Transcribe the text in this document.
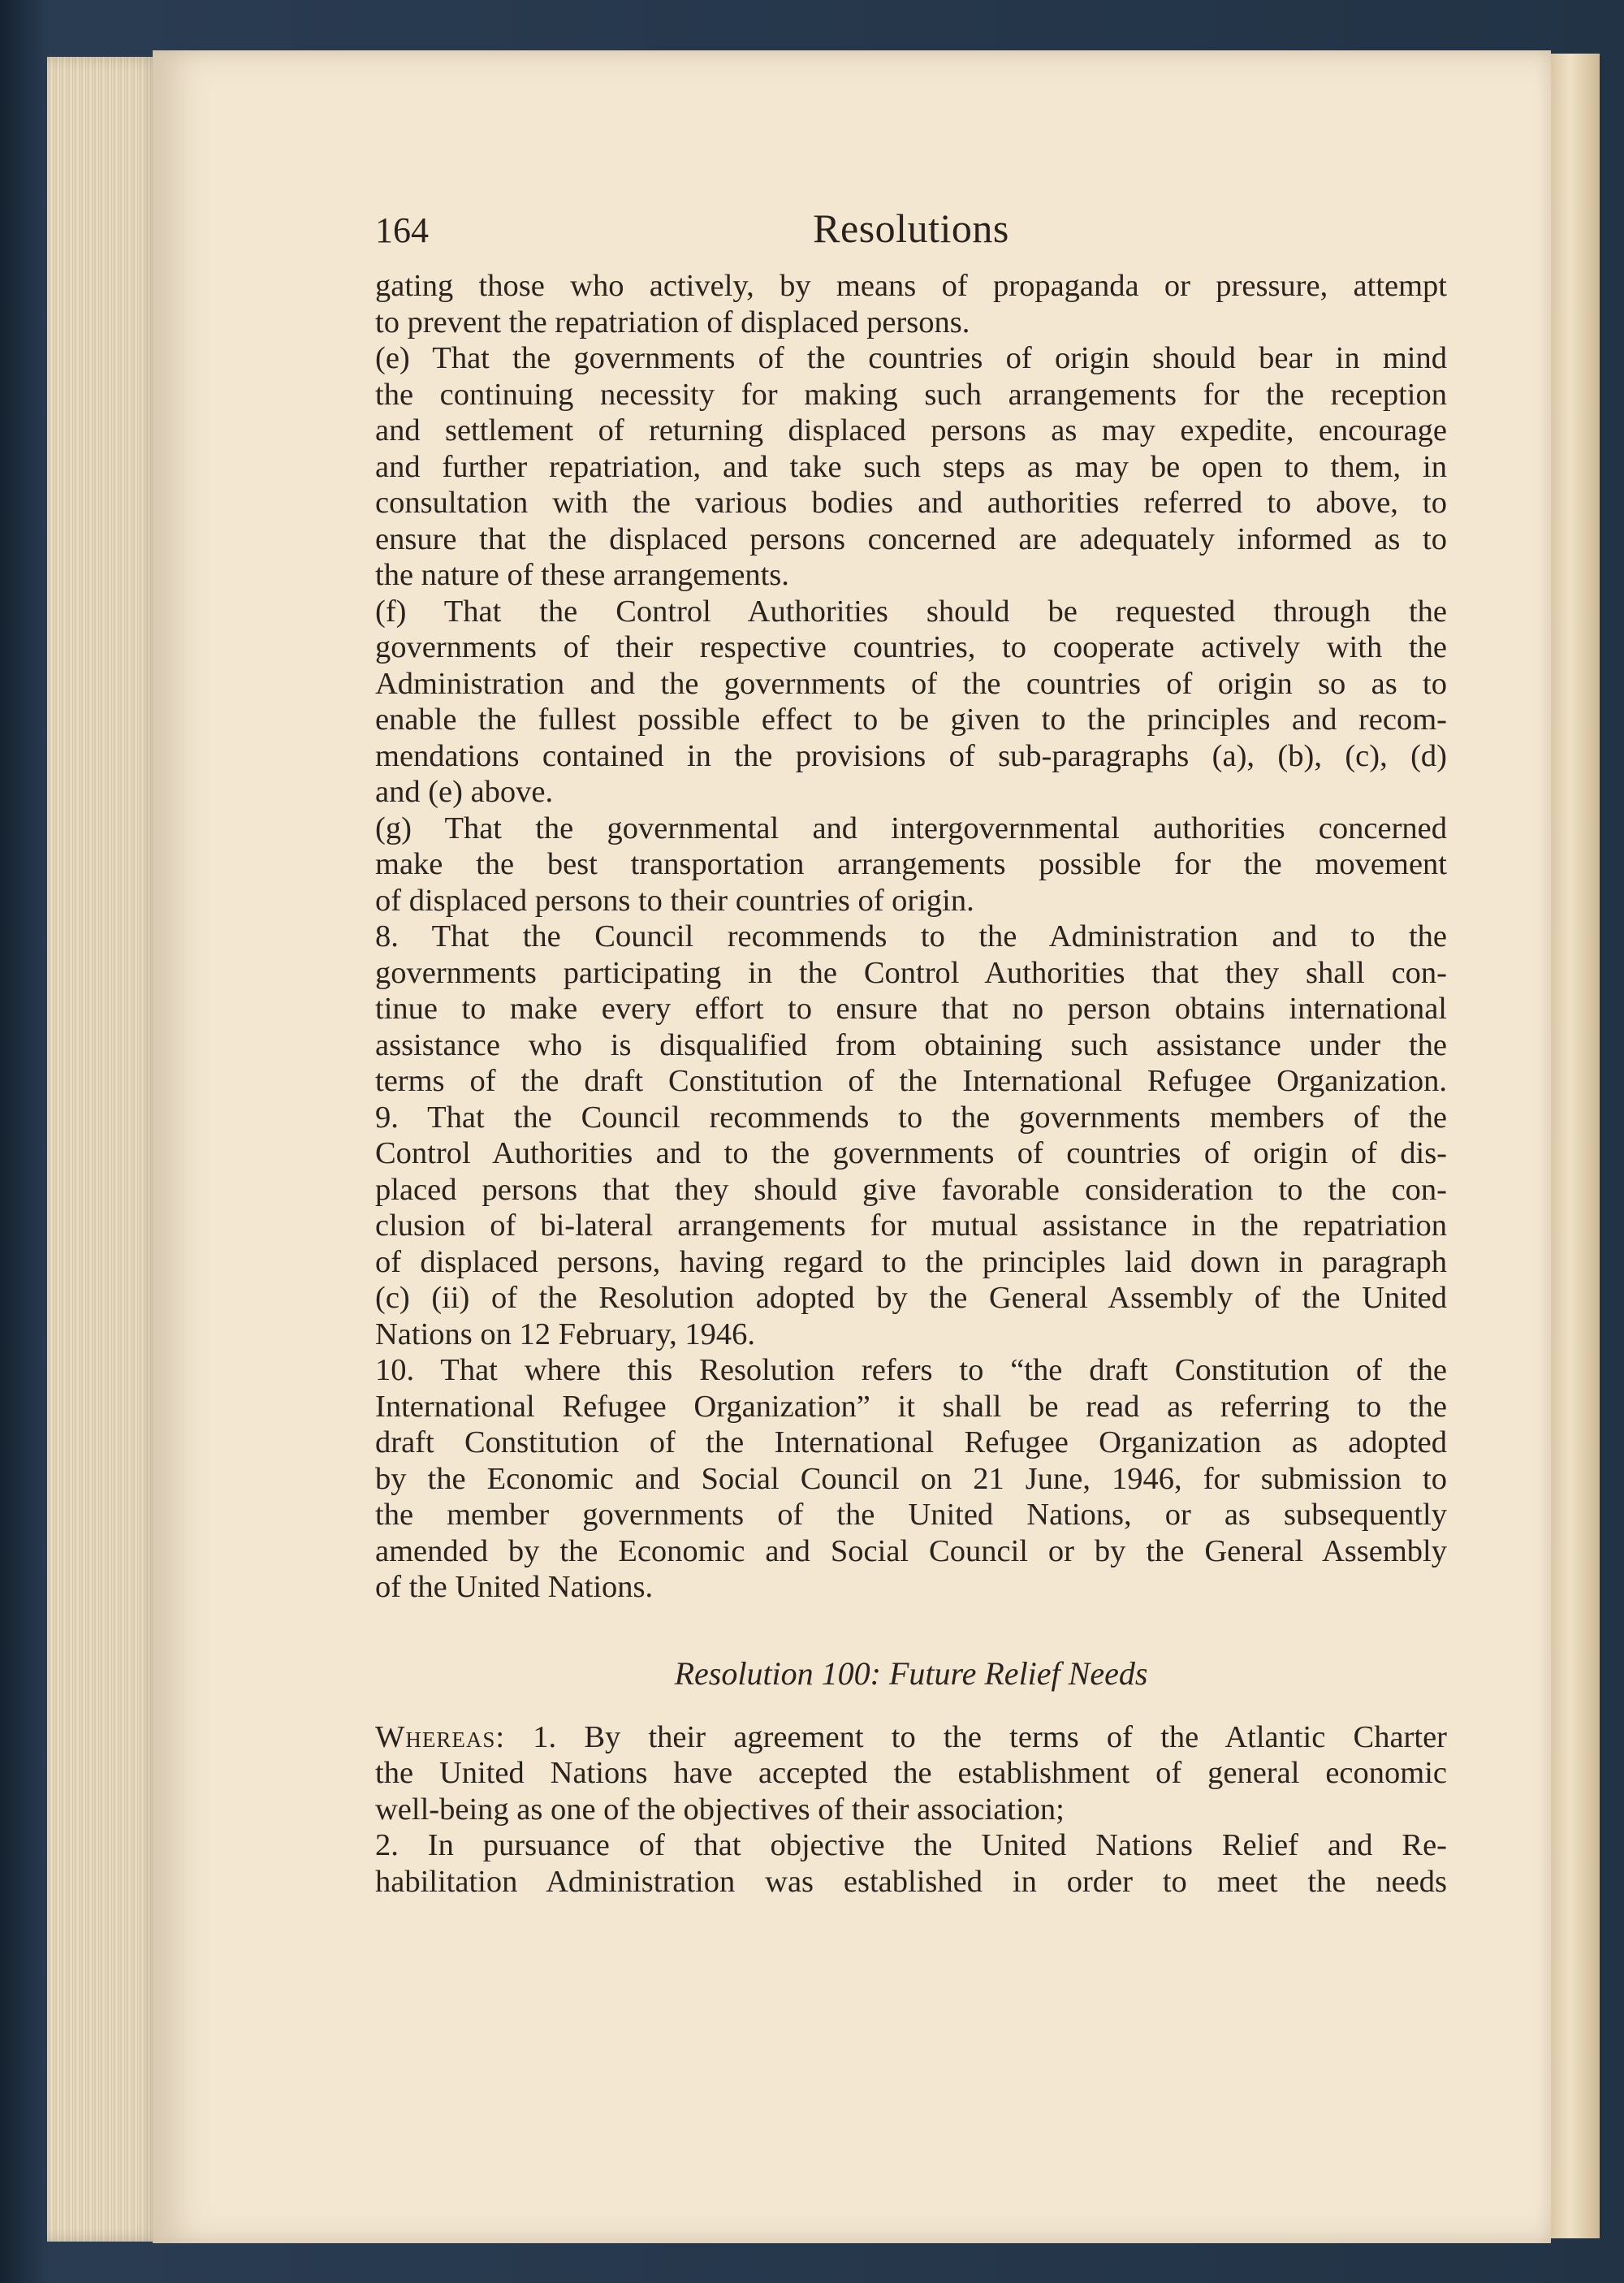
164	Resolutions
gating those who actively, by means of propaganda or pressure, attempt
to prevent the repatriation of displaced persons.
(e) That the governments of the countries of origin should bear in mind
the continuing necessity for making such arrangements for the reception
and settlement of returning displaced persons as may expedite, encourage
and further repatriation, and take such steps as may be open to them, in
consultation with the various bodies and authorities referred to above, to
ensure that the displaced persons concerned are adequately informed as to
the nature of these arrangements.
(f) That the Control Authorities should be requested through the
governments of their respective countries, to cooperate actively with the
Administration and the governments of the countries of origin so as to
enable the fullest possible effect to be given to the principles and recom-
mendations contained in the provisions of sub-paragraphs (a), (b), (c), (d)
and (e) above.
(g) That the governmental and intergovernmental authorities concerned
make the best transportation arrangements possible for the movement
of displaced persons to their countries of origin.
8. That the Council recommends to the Administration and to the
governments participating in the Control Authorities that they shall con-
tinue to make every effort to ensure that no person obtains international
assistance who is disqualified from obtaining such assistance under the
terms of the draft Constitution of the International Refugee Organization.
9. That the Council recommends to the governments members of the
Control Authorities and to the governments of countries of origin of dis-
placed persons that they should give favorable consideration to the con-
clusion of bi-lateral arrangements for mutual assistance in the repatriation
of displaced persons, having regard to the principles laid down in paragraph
(c) (ii) of the Resolution adopted by the General Assembly of the United
Nations on 12 February, 1946.
10. That where this Resolution refers to “the draft Constitution of the
International Refugee Organization” it shall be read as referring to the
draft Constitution of the International Refugee Organization as adopted
by the Economic and Social Council on 21 June, 1946, for submission to
the member governments of the United Nations, or as subsequently
amended by the Economic and Social Council or by the General Assembly
of the United Nations.
Resolution 100: Future Relief Needs
Whereas: 1. By their agreement to the terms of the Atlantic Charter
the United Nations have accepted the establishment of general economic
well-being as one of the objectives of their association;
2. In pursuance of that objective the United Nations Relief and Re-
habilitation Administration was established in order to meet the needs
